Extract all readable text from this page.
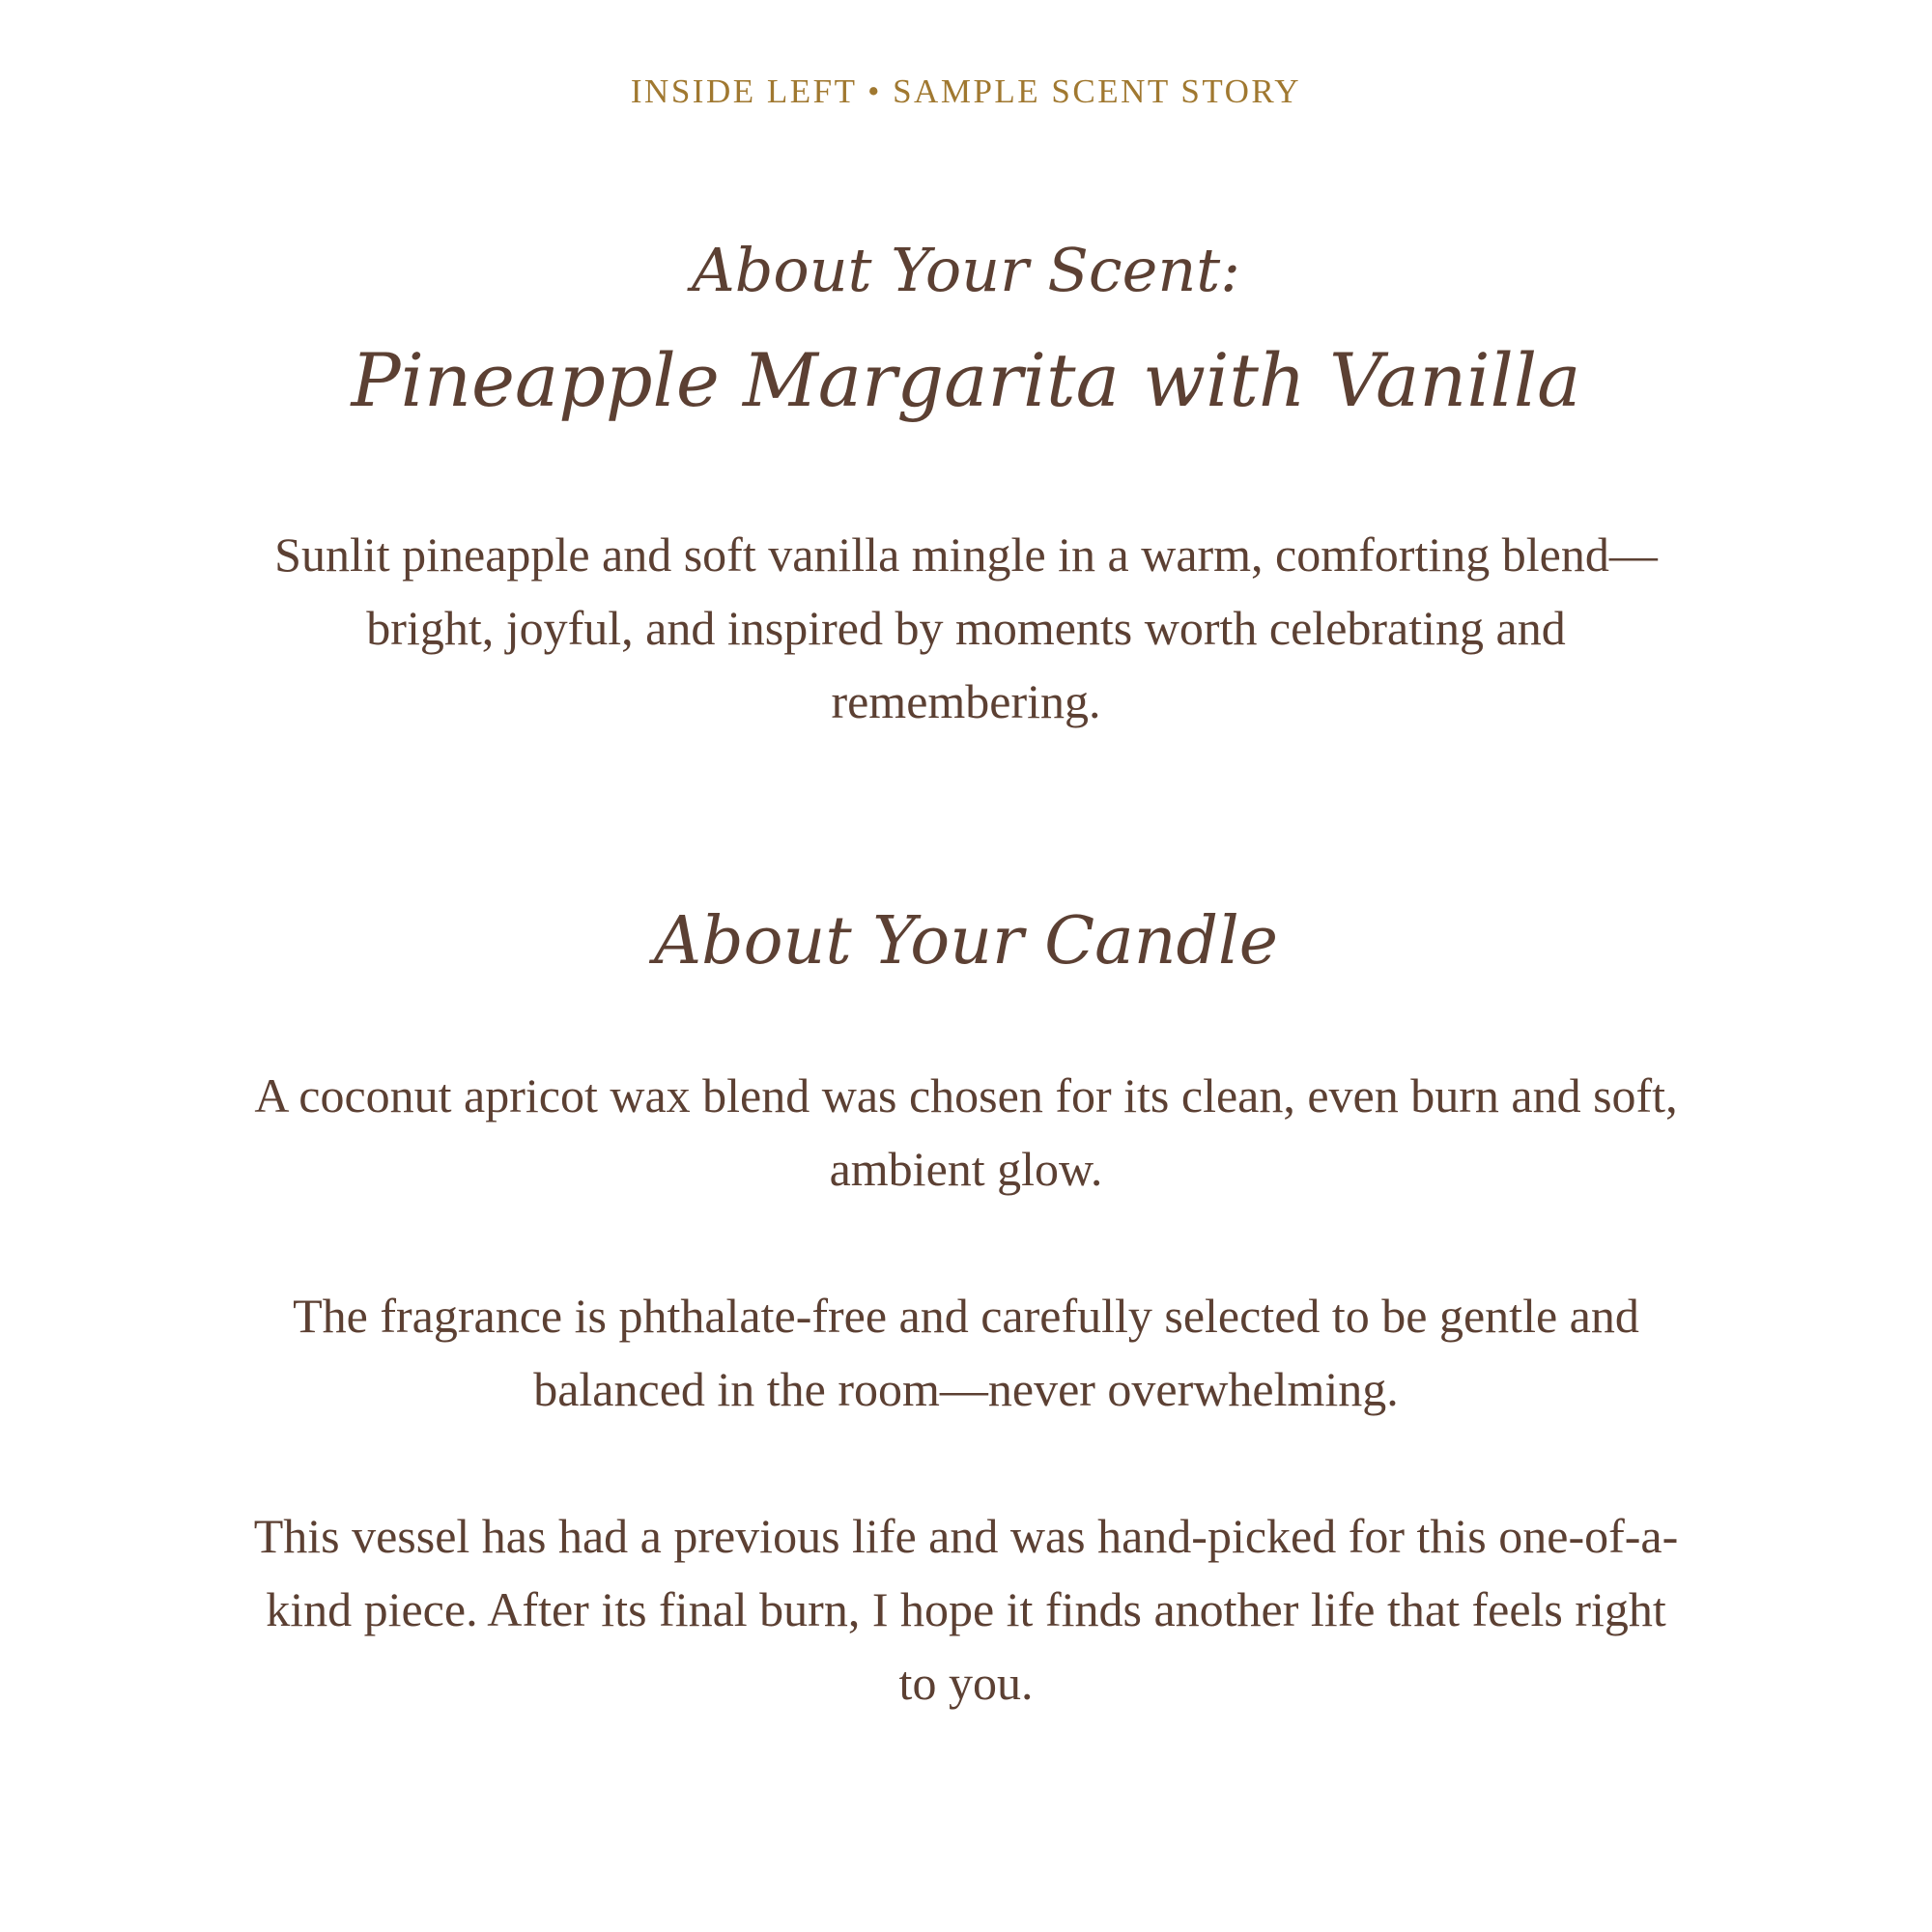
INSIDE LEFT • SAMPLE SCENT STORY
About Your Scent:
Pineapple Margarita with Vanilla

Sunlit pineapple and soft vanilla mingle in a warm, comforting blend—bright, joyful, and inspired by moments worth celebrating and remembering.

About Your Candle

A coconut apricot wax blend was chosen for its clean, even burn and soft, ambient glow.

The fragrance is phthalate-free and carefully selected to be gentle and balanced in the room—never overwhelming.

This vessel has had a previous life and was hand-picked for this one-of-a-kind piece. After its final burn, I hope it finds another life that feels right to you.
